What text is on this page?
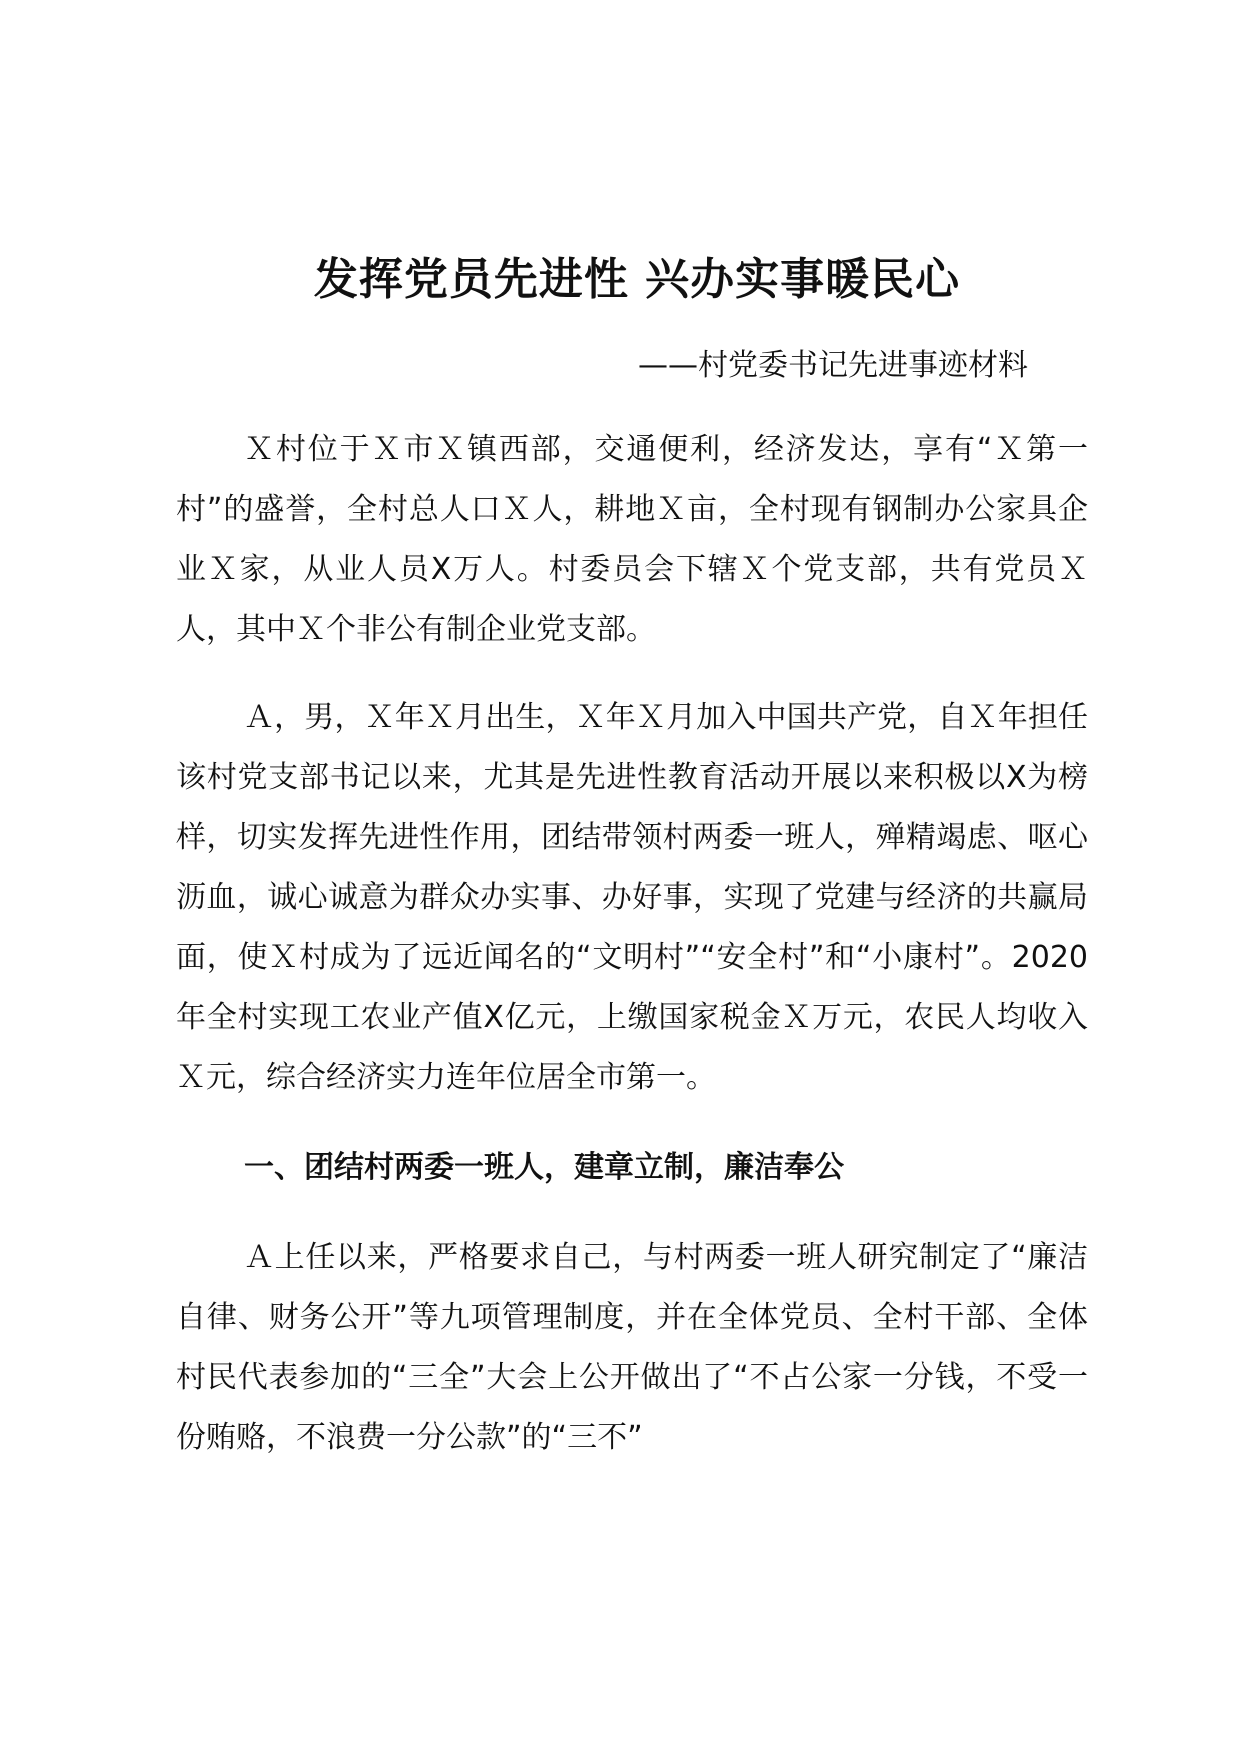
发挥党员先进性 兴办实事暖民心
——村党委书记先进事迹材料

Ｘ村位于Ｘ市Ｘ镇西部，交通便利，经济发达，享有“Ｘ第一村”的盛誉，全村总人口Ｘ人，耕地Ｘ亩，全村现有钢制办公家具企业Ｘ家，从业人员X万人。村委员会下辖Ｘ个党支部，共有党员Ｘ人，其中Ｘ个非公有制企业党支部。

Ａ，男，Ｘ年Ｘ月出生，Ｘ年Ｘ月加入中国共产党，自Ｘ年担任该村党支部书记以来，尤其是先进性教育活动开展以来积极以X为榜样，切实发挥先进性作用，团结带领村两委一班人，殚精竭虑、呕心沥血，诚心诚意为群众办实事、办好事，实现了党建与经济的共赢局面，使Ｘ村成为了远近闻名的“文明村”“安全村”和“小康村”。2020年全村实现工农业产值X亿元，上缴国家税金Ｘ万元，农民人均收入Ｘ元，综合经济实力连年位居全市第一。

一、团结村两委一班人，建章立制，廉洁奉公

Ａ上任以来，严格要求自己，与村两委一班人研究制定了“廉洁自律、财务公开”等九项管理制度，并在全体党员、全村干部、全体村民代表参加的“三全”大会上公开做出了“不占公家一分钱，不受一份贿赂，不浪费一分公款”的“三不”
